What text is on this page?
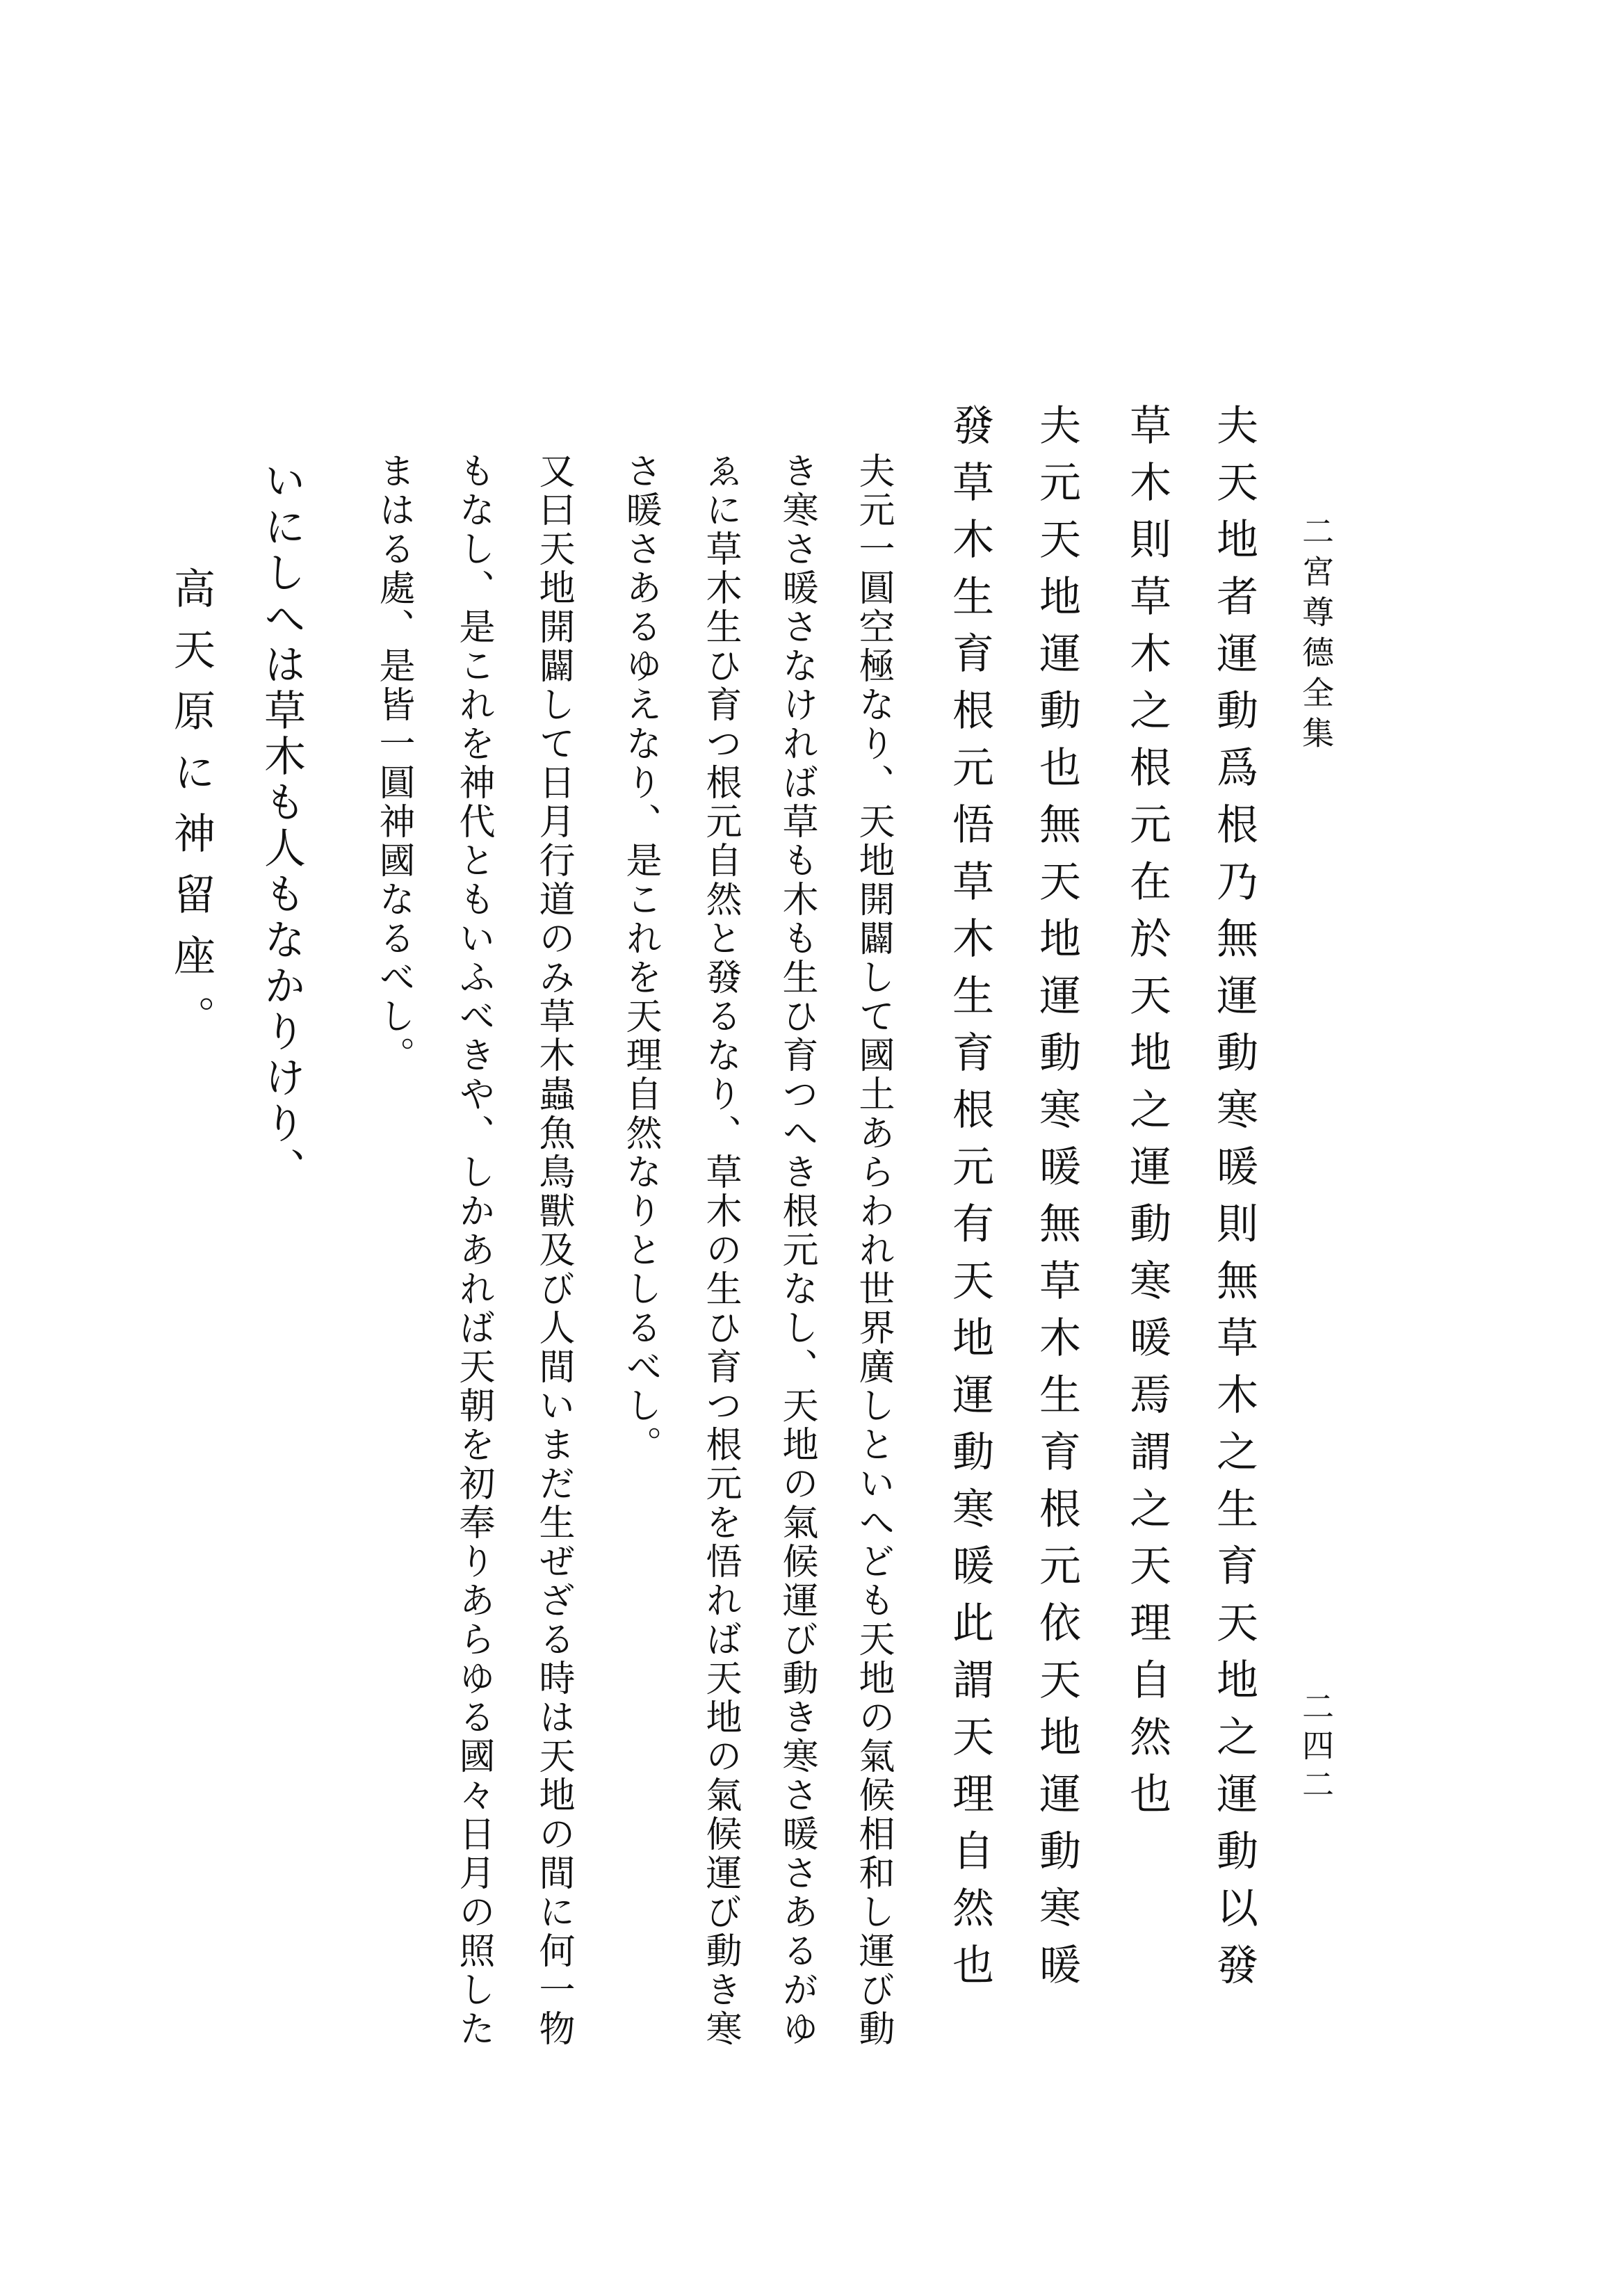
二宮尊德全集
二四二
夫天地者運動爲根乃無運動寒暖則無草木之生育天地之運動以發
草木則草木之根元在於天地之運動寒暖焉謂之天理自然也
夫元天地運動也無天地運動寒暖無草木生育根元依天地運動寒暖
發草木生育根元悟草木生育根元有天地運動寒暖此謂天理自然也
夫元一圓空極なり、天地開闢して國土あらわれ世界廣しといへども天地の氣候相和し運び動
き寒さ暖さなければ草も木も生ひ育つへき根元なし、天地の氣候運び動き寒さ暖さあるがゆ
ゑに草木生ひ育つ根元自然と發るなり、草木の生ひ育つ根元を悟れば天地の氣候運び動き寒
さ暖さあるゆえなり、是これを天理自然なりとしるべし。
又曰天地開闢して日月行道のみ草木蟲魚鳥獸及び人間いまだ生ぜざる時は天地の間に何一物
もなし、是これを神代ともいふべきや、しかあれば天朝を初奉りあらゆる國々日月の照した
まはる處、是皆一圓神國なるべし。
いにしへは草木も人もなかりけり、
高天原に神留座。
